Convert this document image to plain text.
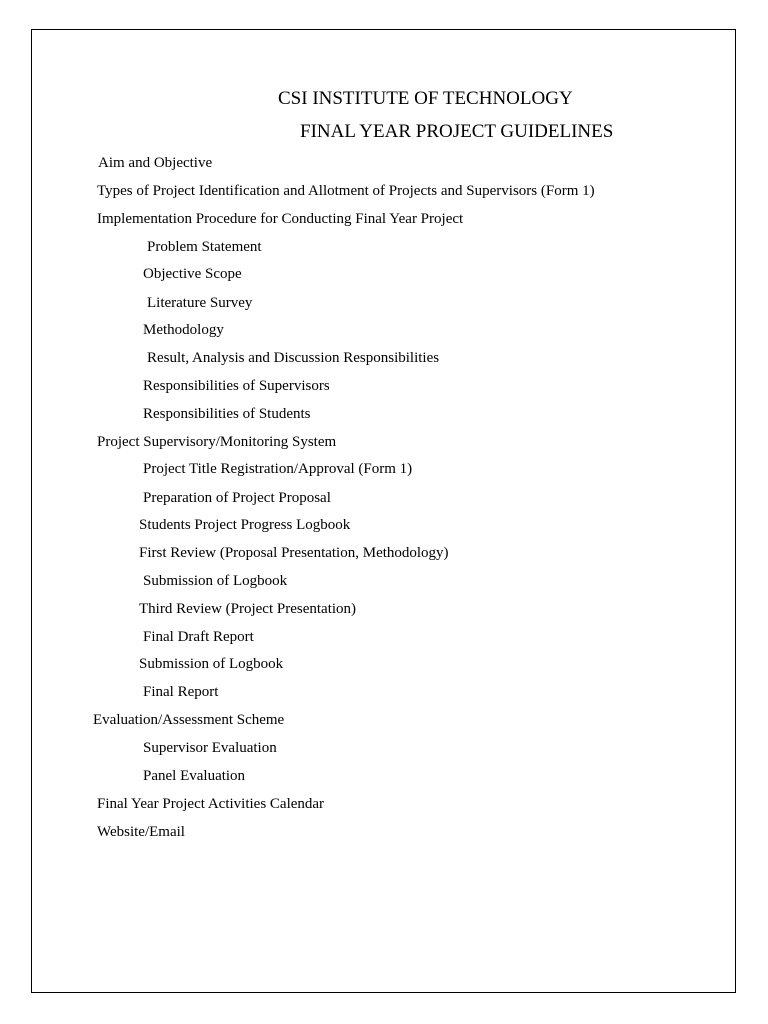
CSI INSTITUTE OF TECHNOLOGY
FINAL YEAR PROJECT GUIDELINES
Aim and Objective
Types of Project Identification and Allotment of Projects and Supervisors (Form 1)
Implementation Procedure for Conducting Final Year Project
Problem Statement
Objective Scope
Literature Survey
Methodology
Result, Analysis and Discussion Responsibilities
Responsibilities of Supervisors
Responsibilities of Students
Project Supervisory/Monitoring System
Project Title Registration/Approval (Form 1)
Preparation of Project Proposal
Students Project Progress Logbook
First Review (Proposal Presentation, Methodology)
Submission of Logbook
Third Review (Project Presentation)
Final Draft Report
Submission of Logbook
Final Report
Evaluation/Assessment Scheme
Supervisor Evaluation
Panel Evaluation
Final Year Project Activities Calendar
Website/Email
